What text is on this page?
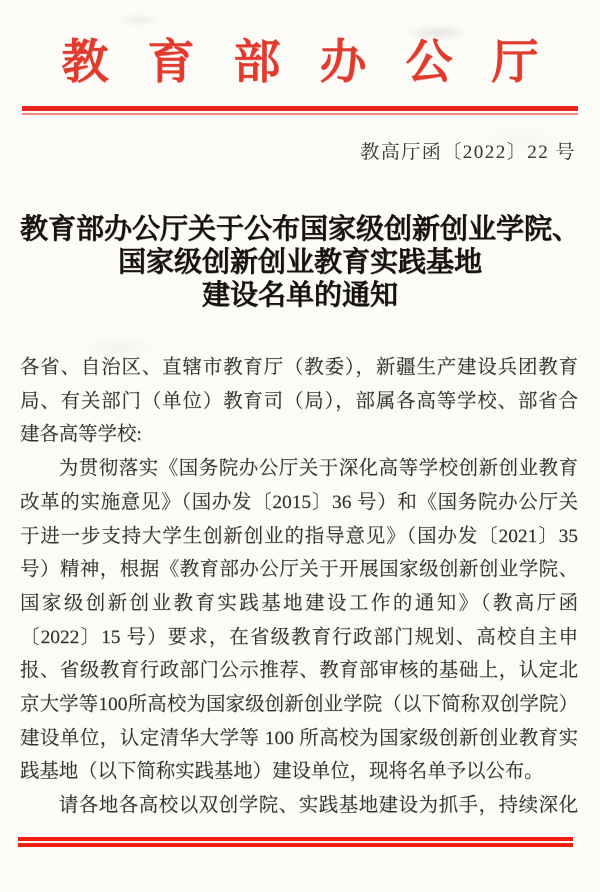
教育部办公厅
教高厅函〔2022〕22 号
教育部办公厅关于公布国家级创新创业学院、
国家级创新创业教育实践基地
建设名单的通知
各省、自治区、直辖市教育厅（教委），新疆生产建设兵团教育
局、有关部门（单位）教育司（局），部属各高等学校、部省合
建各高等学校:
为贯彻落实《国务院办公厅关于深化高等学校创新创业教育
改革的实施意见》（国办发〔2015〕36 号）和《国务院办公厅关
于进一步支持大学生创新创业的指导意见》（国办发〔2021〕35
号）精神，根据《教育部办公厅关于开展国家级创新创业学院、
国家级创新创业教育实践基地建设工作的通知》（教高厅函
〔2022〕15 号）要求，在省级教育行政部门规划、高校自主申
报、省级教育行政部门公示推荐、教育部审核的基础上，认定北
京大学等100所高校为国家级创新创业学院（以下简称双创学院）
建设单位，认定清华大学等 100 所高校为国家级创新创业教育实
践基地（以下简称实践基地）建设单位，现将名单予以公布。
请各地各高校以双创学院、实践基地建设为抓手，持续深化
